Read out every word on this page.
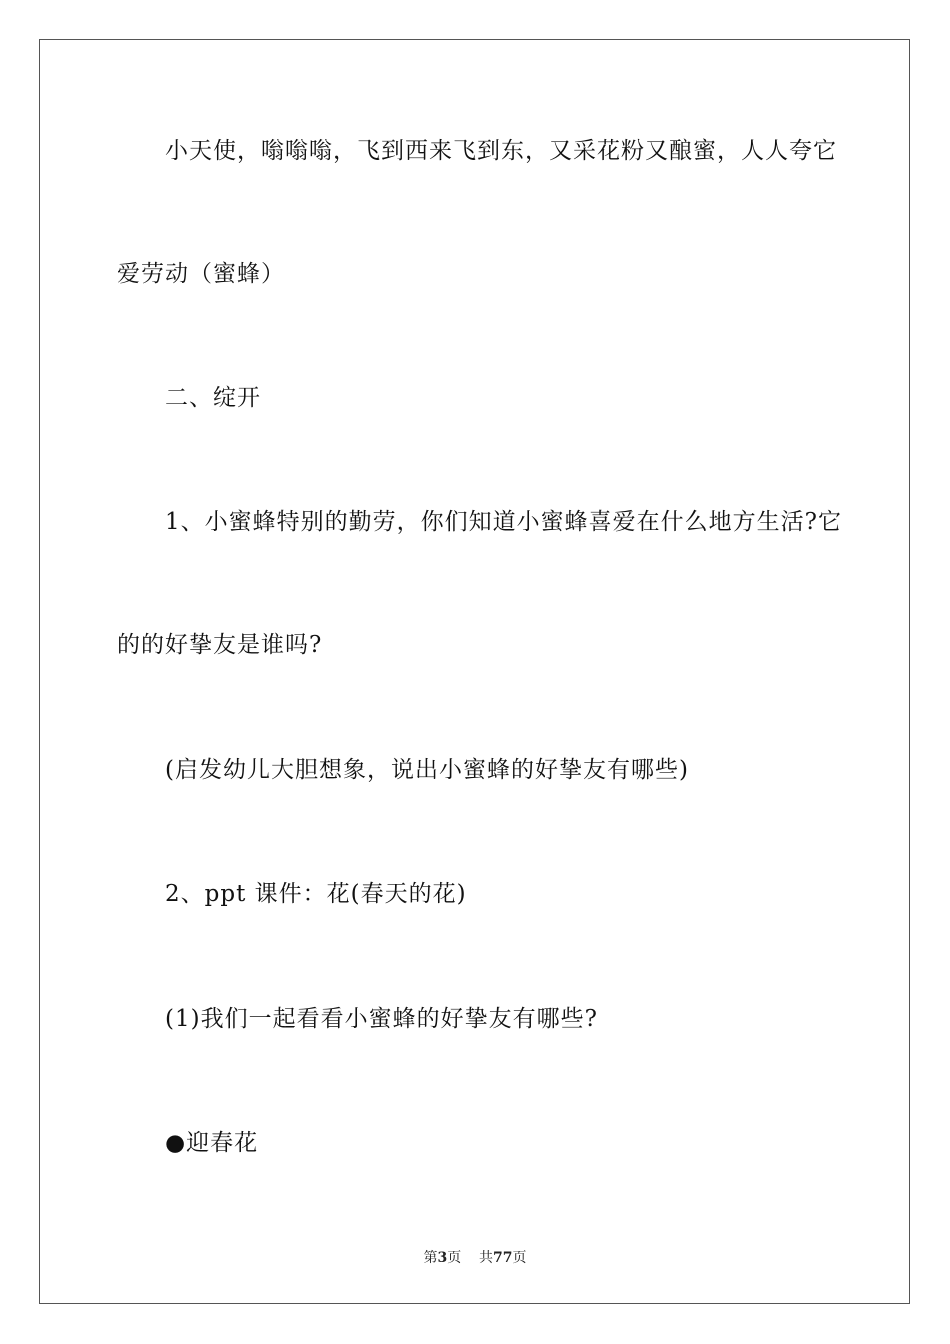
小天使，嗡嗡嗡，飞到西来飞到东，又采花粉又酿蜜，人人夸它
爱劳动（蜜蜂）
二、绽开
1、小蜜蜂特别的勤劳，你们知道小蜜蜂喜爱在什么地方生活?它
的的好挚友是谁吗?
(启发幼儿大胆想象，说出小蜜蜂的好挚友有哪些)
2、ppt 课件：花(春天的花)
(1)我们一起看看小蜜蜂的好挚友有哪些?
●迎春花
第3页 共77页
